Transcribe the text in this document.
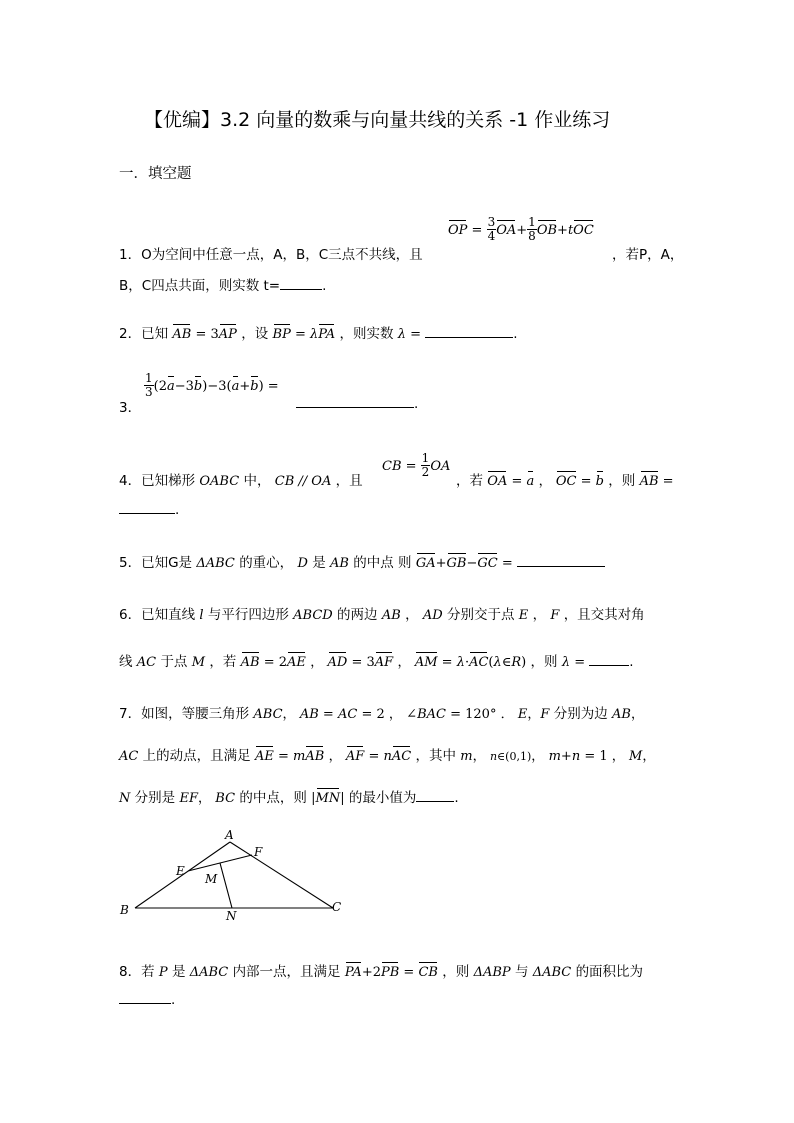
【优编】3.2 向量的数乘与向量共线的关系 -1 作业练习
一．填空题
1．O为空间中任意一点，A，B，C三点不共线，且
OP = $\frac{3}{4} OA+ \frac{1}{8} OB+tOC$
，若P，A，
B，C四点共面，则实数 t=	.
2．已知 AB = 3AP ，设 BP = λPA ，则实数 λ =	.
3．
$\frac{1}{3} (2a-3b)-3(a+b)$ =
.
4．已知梯形 OABC 中， CB // OA ，且
CB = $\frac{1}{2}$ OA
，若 OA = a ， OC = b ，则 AB =
.
5．已知G是 ΔABC 的重心， D 是 AB 的中点 则 GA+GB−GC =
6．已知直线 l 与平行四边形 ABCD 的两边 AB ， AD 分别交于点 E ， F ，且交其对角
线 AC 于点 M ，若 AB = 2AE ， AD = 3AF ， AM = λ·AC(λ∈R) ，则 λ =	.
7．如图，等腰三角形 ABC， AB = AC = 2 ， ∠BAC = 120° ． E，F 分别为边 AB，
AC 上的动点，且满足 AE = mAB ， AF = nAC ，其中 m， n∈(0,1)， m+n = 1 ， M，
N 分别是 EF， BC 的中点，则 |MN| 的最小值为	.
A
B	C
E
F
M
N
8．若 P 是 ΔABC 内部一点，且满足 PA+2PB = CB ，则 ΔABP 与 ΔABC 的面积比为
.
